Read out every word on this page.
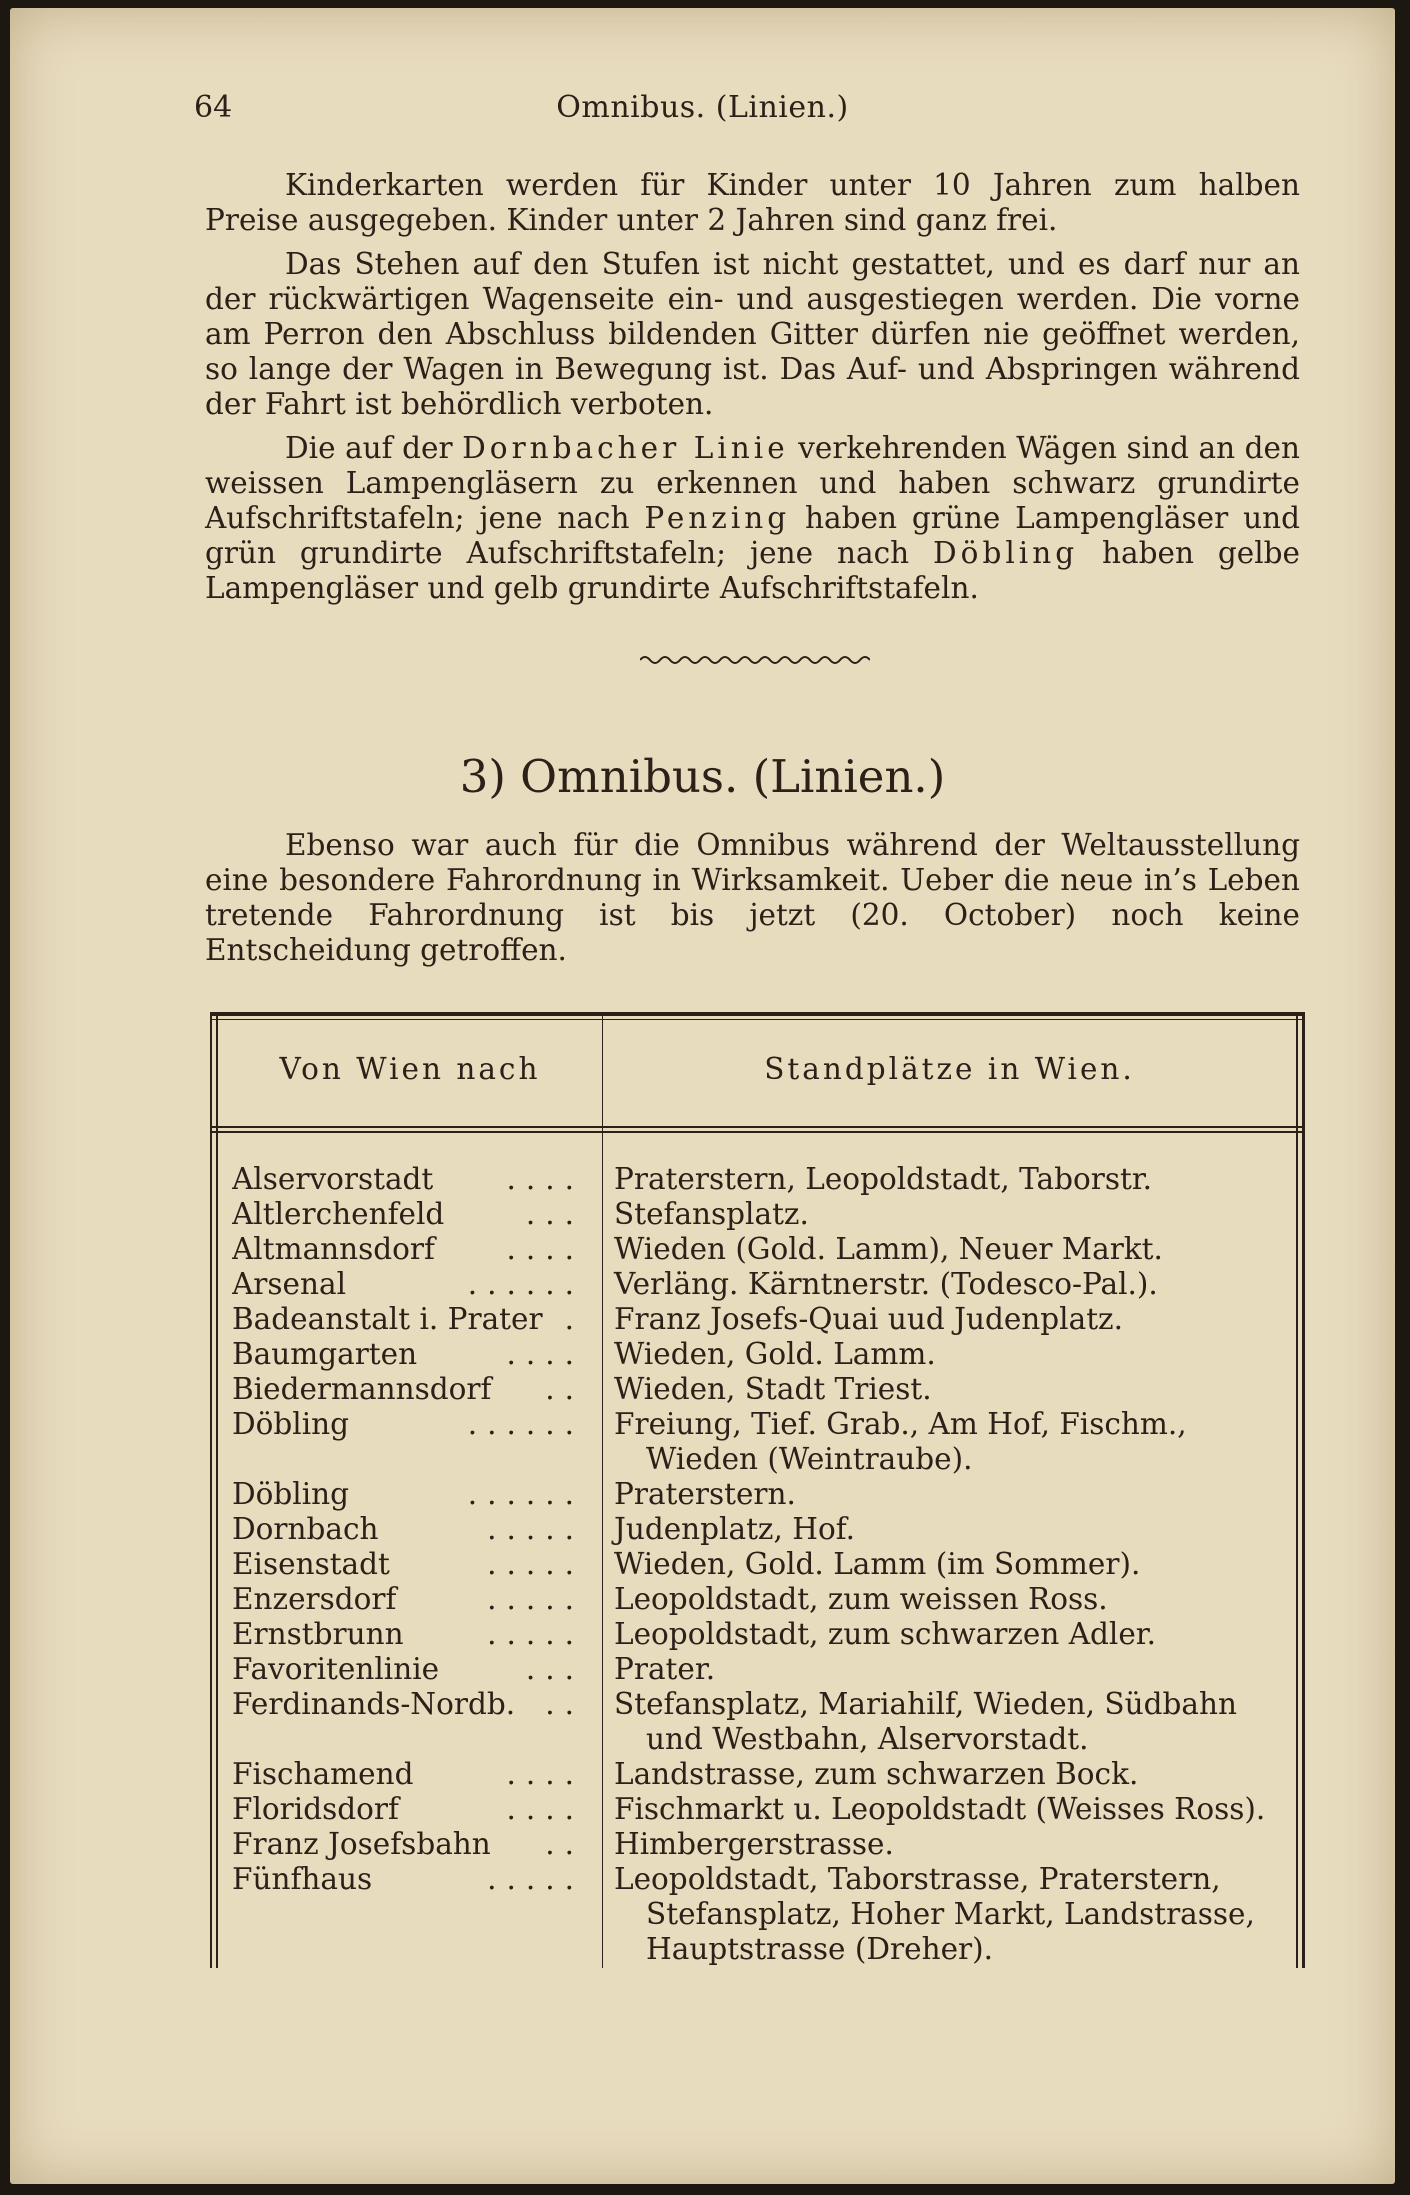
64	Omnibus. (Linien.)

Kinderkarten werden für Kinder unter 10 Jahren zum halben Preise ausgegeben. Kinder unter 2 Jahren sind ganz frei.

Das Stehen auf den Stufen ist nicht gestattet, und es darf nur an der rückwärtigen Wagenseite ein- und ausgestiegen werden. Die vorne am Perron den Abschluss bildenden Gitter dürfen nie geöffnet werden, so lange der Wagen in Bewegung ist. Das Auf- und Abspringen während der Fahrt ist behördlich verboten.

Die auf der Dornbacher Linie verkehrenden Wägen sind an den weissen Lampengläsern zu erkennen und haben schwarz grundirte Aufschriftstafeln; jene nach Penzing haben grüne Lampengläser und grün grundirte Aufschriftstafeln; jene nach Döbling haben gelbe Lampengläser und gelb grundirte Aufschriftstafeln.

3) Omnibus. (Linien.)

Ebenso war auch für die Omnibus während der Weltausstellung eine besondere Fahrordnung in Wirksamkeit. Ueber die neue in’s Leben tretende Fahrordnung ist bis jetzt (20. October) noch keine Entscheidung getroffen.

Von Wien nach	Standplätze in Wien.
Alservorstadt .... Praterstern, Leopoldstadt, Taborstr.
Altlerchenfeld	... Stefansplatz.
Altmannsdorf .... Wieden (Gold. Lamm), Neuer Markt.
Arsenal	...... Verläng. Kärntnerstr. (Todesco-Pal.).
Badeanstalt i. Prater . Franz Josefs-Quai uud Judenplatz.
Baumgarten	.... Wieden, Gold. Lamm.
Biedermannsdorf .. Wieden, Stadt Triest.
Döbling	...... Freiung, Tief. Grab., Am Hof, Fischm.,
Wieden (Weintraube).
Döbling	...... Praterstern.
Dornbach	..... Judenplatz, Hof.
Eisenstadt	..... Wieden, Gold. Lamm (im Sommer).
Enzersdorf	..... Leopoldstadt, zum weissen Ross.
Ernstbrunn	..... Leopoldstadt, zum schwarzen Adler.
Favoritenlinie	... Prater.
Ferdinands-Nordb. .. Stefansplatz, Mariahilf, Wieden, Südbahn
und Westbahn, Alservorstadt.
Fischamend	.... Landstrasse, zum schwarzen Bock.
Floridsdorf	.... Fischmarkt u. Leopoldstadt (Weisses Ross).
Franz Josefsbahn .. Himbergerstrasse.
Fünfhaus	..... Leopoldstadt, Taborstrasse, Praterstern,
Stefansplatz, Hoher Markt, Landstrasse,
Hauptstrasse (Dreher).
